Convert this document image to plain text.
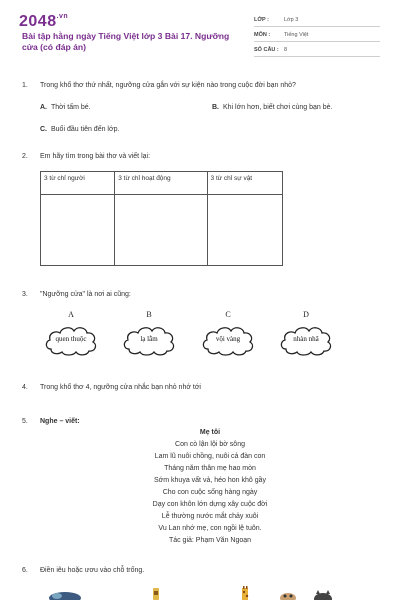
$2048^{.vn}$
Bài tập hằng ngày Tiếng Việt lớp 3 Bài 17. Ngưỡng cửa (có đáp án)
LỚP :	Lớp 3
MÔN :	Tiếng Việt
SỐ CÂU : 8
1. Trong khổ thơ thứ nhất, ngưỡng cửa gắn với sự kiện nào trong cuộc đời bạn nhỏ?
A. Thời tấm bé.	B. Khi lớn hơn, biết chơi cùng bạn bè.
C. Buổi đầu tiên đến lớp.
2. Em hãy tìm trong bài thơ và viết lại:
3 từ chỉ người	3 từ chỉ hoạt động	3 từ chỉ sự vật

3. "Ngưỡng cửa" là nơi ai cũng:
A	B	C	D
quen thuộc	lạ lẫm	vội vàng	nhàn nhã
4. Trong khổ thơ 4, ngưỡng cửa nhắc bạn nhỏ nhớ tới
5. Nghe – viết:
Mẹ tôi
Con cò lận lội bờ sông
Lam lũ nuôi chồng, nuôi cả đàn con
Tháng năm thân mẹ hao mòn
Sớm khuya vất vả, héo hon khô gầy
Cho con cuộc sống hàng ngày
Dạy con khôn lớn dựng xây cuộc đời
Lễ thường nước mắt chảy xuôi
Vu Lan nhớ mẹ, con ngồi lệ tuôn.
Tác giả: Phạm Văn Ngoạn
6. Điền iêu hoặc ươu vào chỗ trống.
